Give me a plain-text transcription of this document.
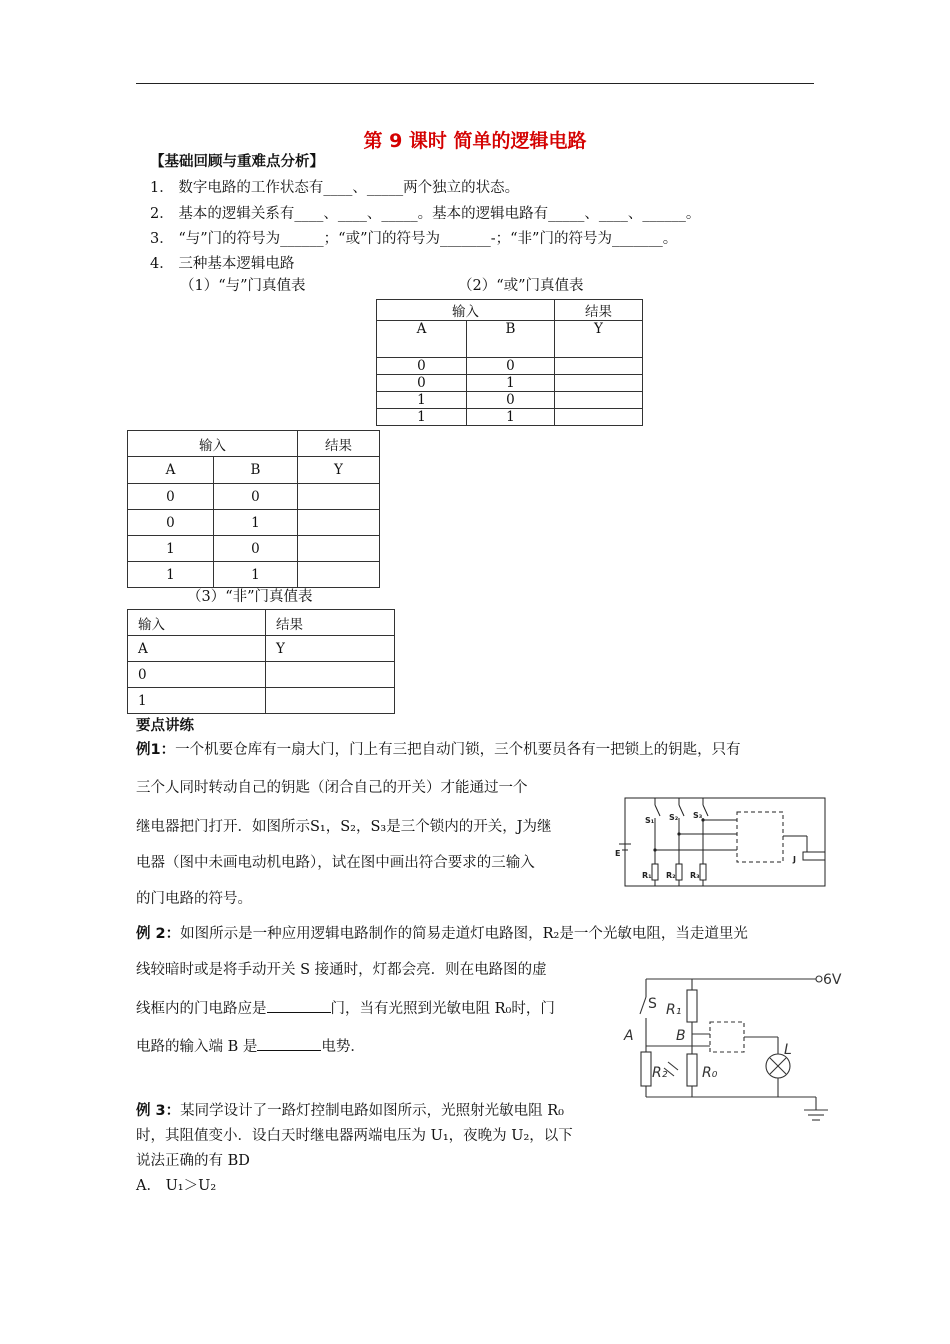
第 9 课时 简单的逻辑电路
【基础回顾与重难点分析】
1． 数字电路的工作状态有____、_____两个独立的状态。
2． 基本的逻辑关系有____、____、_____。基本的逻辑电路有_____、____、______。
3． “与”门的符号为______；“或”门的符号为_______-；“非”门的符号为_______。
4． 三种基本逻辑电路
（1）“与”门真值表	（2）“或”门真值表
输入		结果
A	B	Y
0	0	
0	1	
1	0	
1	1	
输入		结果
A	B	Y
0	0	
0	1	
1	0	
1	1	
（3）“非”门真值表
输入	结果
A	Y
0	
1	
要点讲练
例1：一个机要仓库有一扇大门，门上有三把自动门锁，三个机要员各有一把锁上的钥匙，只有
三个人同时转动自己的钥匙（闭合自己的开关）才能通过一个
继电器把门打开．如图所示S₁，S₂，S₃是三个锁内的开关，J为继
电器（图中未画电动机电路），试在图中画出符合要求的三输入
的门电路的符号。
E
S₁ S₂ S₃
R₁ R₂ R₃
J
例 2：如图所示是一种应用逻辑电路制作的简易走道灯电路图，R₂是一个光敏电阻，当走道里光
线较暗时或是将手动开关 S 接通时，灯都会亮．则在电路图的虚
线框内的门电路应是	门，当有光照到光敏电阻 R₀时，门
电路的输入端 B 是	电势．
6V
S R₁
A	B
L
R₂ R₀
例 3：某同学设计了一路灯控制电路如图所示，光照射光敏电阻 R₀
时，其阻值变小．设白天时继电器两端电压为 U₁，夜晚为 U₂，以下
说法正确的有 BD
A． U₁＞U₂
